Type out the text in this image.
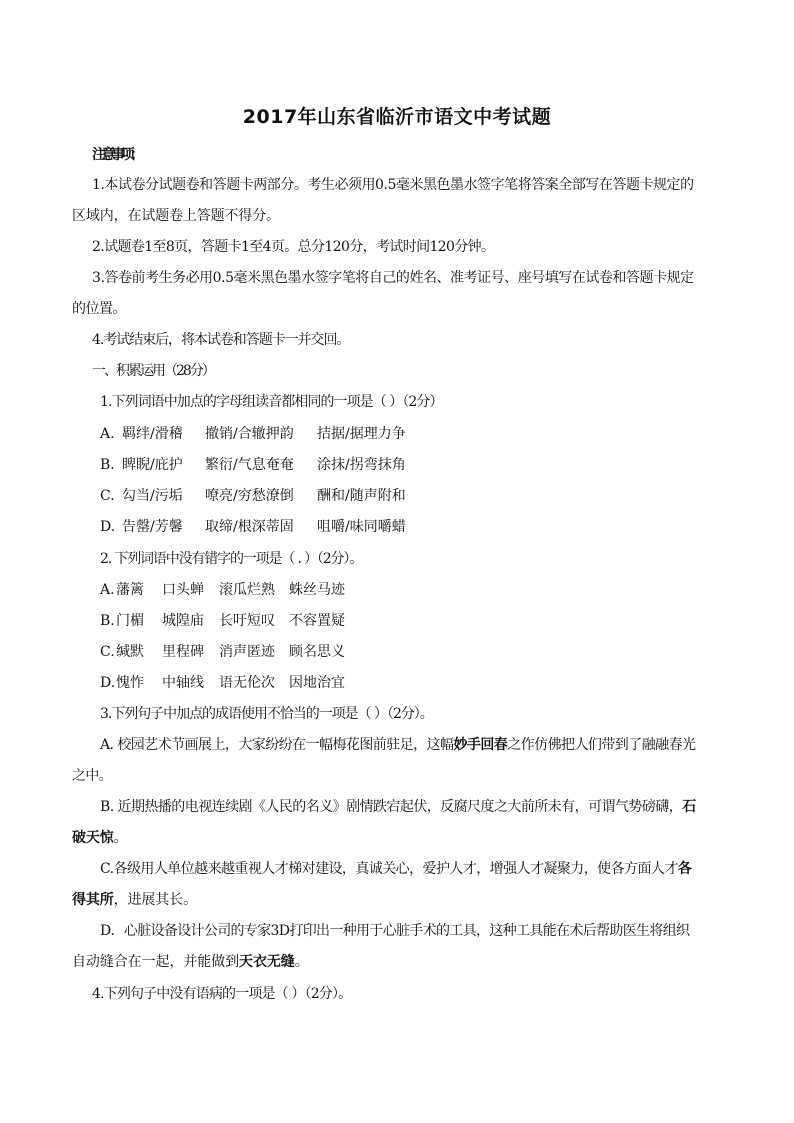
2017年山东省临沂市语文中考试题
注意事项：
1.本试卷分试题卷和答题卡两部分。考生必须用0.5毫米黑色墨水签字笔将答案全部写在答题卡规定的
区域内，在试题卷上答题不得分。
2.试题卷1至8页，答题卡1至4页。总分120分，考试时间120分钟。
3.答卷前考生务必用0.5毫米黑色墨水签字笔将自己的姓名、准考证号、座号填写在试卷和答题卡规定
的位置。
4.考试结束后，将本试卷和答题卡一并交回。
一、积累运用（28分）
1.下列词语中加点的字母组读音都相同的一项是（ ）（2分）
A. 羁绊/滑稽 撤销/合辙押韵 拮据/据理力争
B. 睥睨/庇护 繁衍/气息奄奄 涂抹/拐弯抹角
C. 勾当/污垢 嘹亮/穷愁潦倒 酬和/随声附和
D. 告罄/芳馨 取缔/根深蒂固 咀嚼/味同嚼蜡
2. 下列词语中没有错字的一项是（ . ）（2分）。
A. 藩篱 口头蝉 滚瓜烂熟 蛛丝马迹
B. 门楣 城隍庙 长吁短叹 不容置疑
C. 缄默 里程碑 消声匿迹 顾名思义
D. 愧怍 中轴线 语无伦次 因地治宜
3.下列句子中加点的成语使用不恰当的一项是（ ）（2分）。
A. 校园艺术节画展上，大家纷纷在一幅梅花图前驻足，这幅妙手回春之作仿佛把人们带到了融融春光
之中。
B. 近期热播的电视连续剧《人民的名义》剧情跌宕起伏，反腐尺度之大前所未有，可谓气势磅礴，石
破天惊。
C.各级用人单位越来越重视人才梯对建设，真诚关心，爱护人才，增强人才凝聚力，使各方面人才各
得其所，进展其长。
D．心脏设备设计公司的专家3D打印出一种用于心脏手术的工具，这种工具能在术后帮助医生将组织
自动缝合在一起，并能做到天衣无缝。
4.下列句子中没有语病的一项是（ ）（2分）。
